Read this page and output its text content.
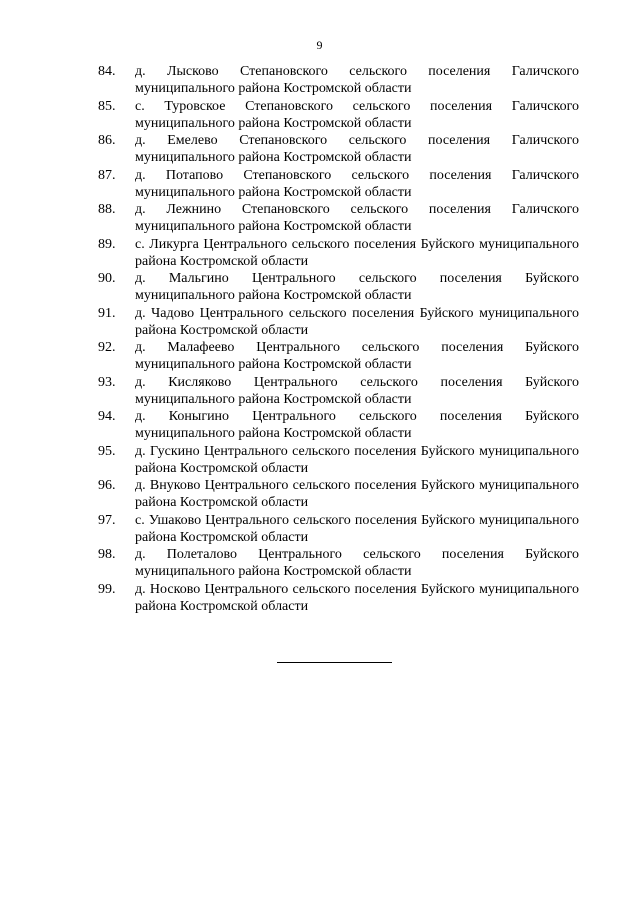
9
84.	д. Лысково Степановского сельского поселения Галичского муниципального района Костромской области
85.	с. Туровское Степановского сельского поселения Галичского муниципального района Костромской области
86.	д. Емелево Степановского сельского поселения Галичского муниципального района Костромской области
87.	д. Потапово Степановского сельского поселения Галичского муниципального района Костромской области
88.	д. Лежнино Степановского сельского поселения Галичского муниципального района Костромской области
89.	с. Ликурга Центрального сельского поселения Буйского муниципального района Костромской области
90.	д. Мальгино Центрального сельского поселения Буйского муниципального района Костромской области
91.	д. Чадово Центрального сельского поселения Буйского муниципального района Костромской области
92.	д. Малафеево Центрального сельского поселения Буйского муниципального района Костромской области
93.	д. Кисляково Центрального сельского поселения Буйского муниципального района Костромской области
94.	д. Коныгино Центрального сельского поселения Буйского муниципального района Костромской области
95.	д. Гускино Центрального сельского поселения Буйского муниципального района Костромской области
96.	д. Внуково Центрального сельского поселения Буйского муниципального района Костромской области
97.	с. Ушаково Центрального сельского поселения Буйского муниципального района Костромской области
98.	д. Полеталово Центрального сельского поселения Буйского муниципального района Костромской области
99.	д. Носково Центрального сельского поселения Буйского муниципального района Костромской области
